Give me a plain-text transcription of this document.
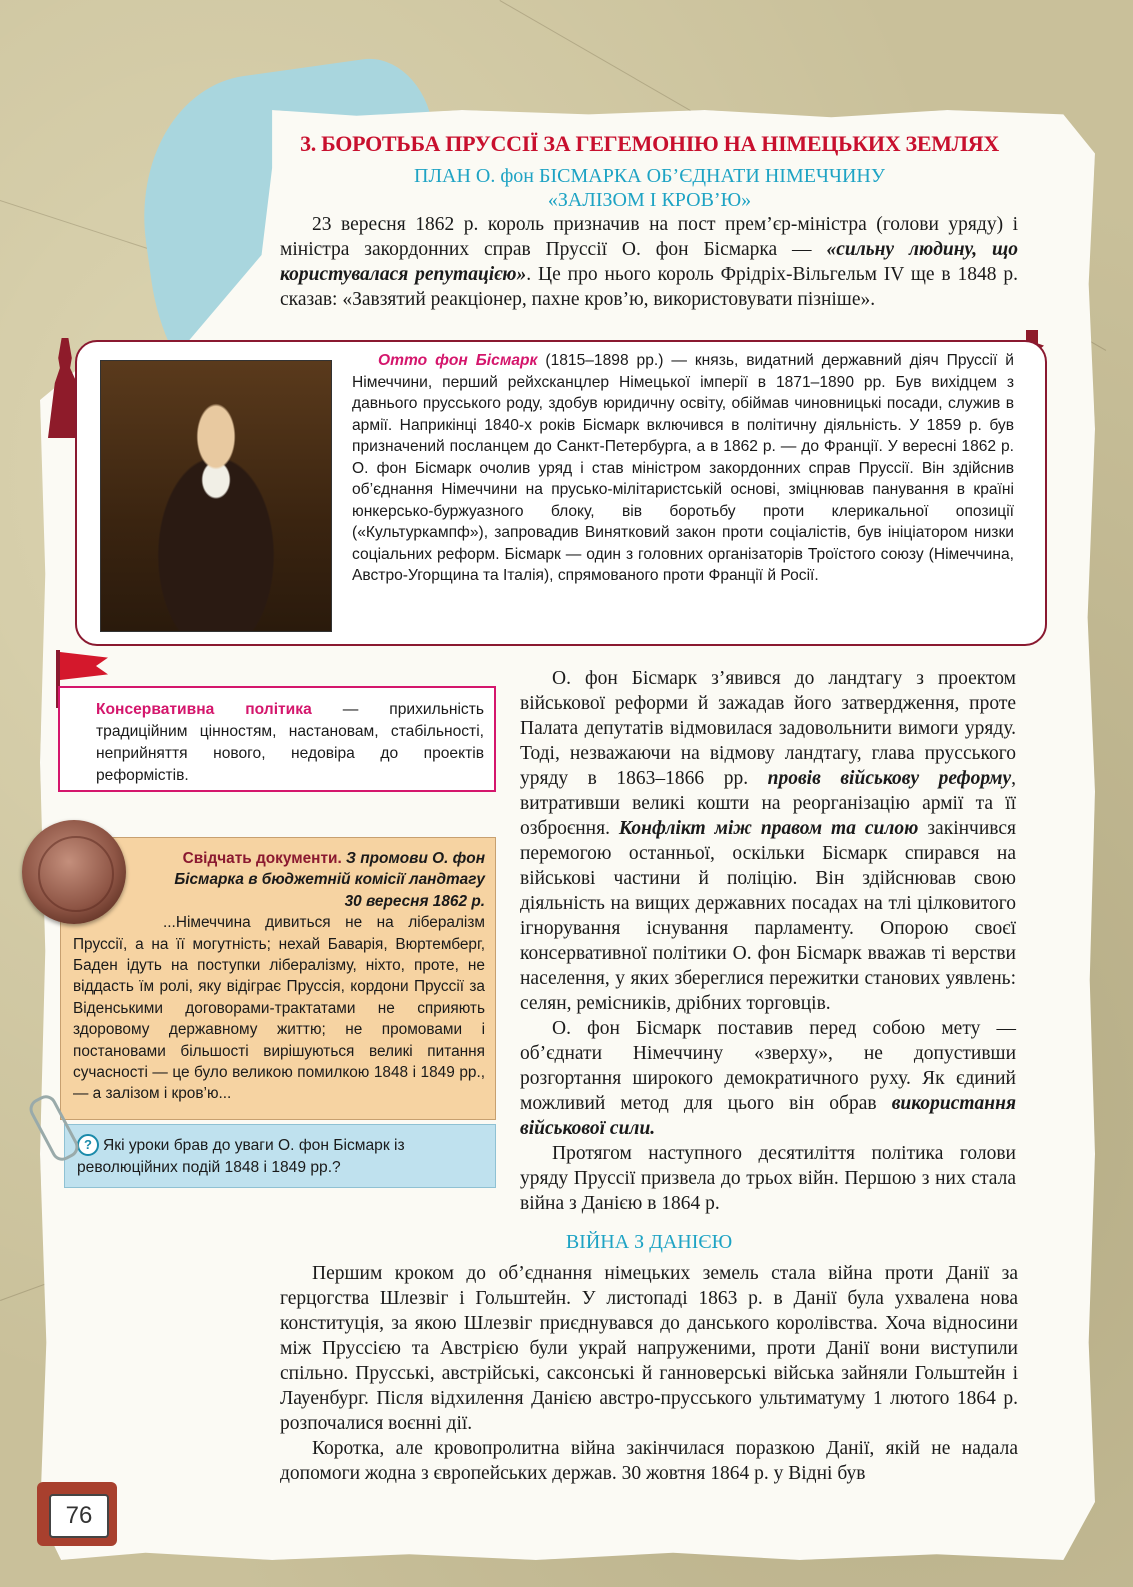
3. БОРОТЬБА ПРУССІЇ ЗА ГЕГЕМОНІЮ НА НІМЕЦЬКИХ ЗЕМЛЯХ
ПЛАН О. фон БІСМАРКА ОБ’ЄДНАТИ НІМЕЧЧИНУ
«ЗАЛІЗОМ І КРОВ’Ю»

23 вересня 1862 р. король призначив на пост прем’єр-міністра (голови уряду) і міністра закордонних справ Пруссії О. фон Бісмарка — «сильну людину, що користувалася репутацією». Це про нього король Фрідріх-Вільгельм IV ще в 1848 р. сказав: «Завзятий реакціонер, пахне кров’ю, використовувати пізніше».

Отто фон Бісмарк (1815–1898 рр.) — князь, видатний державний діяч Пруссії й Німеччини, перший рейхсканцлер Німецької імперії в 1871–1890 рр. Був вихідцем з давнього прусського роду, здобув юридичну освіту, обіймав чиновницькі посади, служив в армії. Наприкінці 1840-х років Бісмарк включився в політичну діяльність. У 1859 р. був призначений посланцем до Санкт-Петербурга, а в 1862 р. — до Франції. У вересні 1862 р. О. фон Бісмарк очолив уряд і став міністром закордонних справ Пруссії. Він здійснив об’єднання Німеччини на прусько-мілітаристській основі, зміцнював панування в країні юнкерсько-буржуазного блоку, вів боротьбу проти клерикальної опозиції («Культуркампф»), запровадив Винятковий закон проти соціалістів, був ініціатором низки соціальних реформ. Бісмарк — один з головних організаторів Троїстого союзу (Німеччина, Австро-Угорщина та Італія), спрямованого проти Франції й Росії.
Консервативна політика — прихильність традиційним цінностям, настановам, стабільності, неприйняття нового, недовіра до проектів реформістів.
Свідчать документи. З промови О. фон Бісмарка в бюджетній комісії ландтагу 30 вересня 1862 р.
...Німеччина дивиться не на лібералізм Пруссії, а на її могутність; нехай Баварія, Вюртемберг, Баден ідуть на поступки лібералізму, ніхто, проте, не віддасть їм ролі, яку відіграє Пруссія, кордони Пруссії за Віденськими договорами-трактатами не сприяють здоровому державному життю; не промовами і постановами більшості вирішуються великі питання сучасності — це було великою помилкою 1848 і 1849 рр., — а залізом і кров’ю...
? Які уроки брав до уваги О. фон Бісмарк із революційних подій 1848 і 1849 рр.?

О. фон Бісмарк з’явився до ландтагу з проектом військової реформи й зажадав його затвердження, проте Палата депутатів відмовилася задовольнити вимоги уряду. Тоді, незважаючи на відмову ландтагу, глава прусського уряду в 1863–1866 рр. провів військову реформу, витративши великі кошти на реорганізацію армії та її озброєння. Конфлікт між правом та силою закінчився перемогою останньої, оскільки Бісмарк спирався на військові частини й поліцію. Він здійснював свою діяльність на вищих державних посадах на тлі цілковитого ігнорування існування парламенту. Опорою своєї консервативної політики О. фон Бісмарк вважав ті верстви населення, у яких збереглися пережитки станових уявлень: селян, ремісників, дрібних торговців.

О. фон Бісмарк поставив перед собою мету — об’єднати Німеччину «зверху», не допустивши розгортання широкого демократичного руху. Як єдиний можливий метод для цього він обрав використання військової сили.

Протягом наступного десятиліття політика голови уряду Пруссії призвела до трьох війн. Першою з них стала війна з Данією в 1864 р.

ВІЙНА З ДАНІЄЮ

Першим кроком до об’єднання німецьких земель стала війна проти Данії за герцогства Шлезвіг і Гольштейн. У листопаді 1863 р. в Данії була ухвалена нова конституція, за якою Шлезвіг приєднувався до данського королівства. Хоча відносини між Пруссією та Австрією були украй напруженими, проти Данії вони виступили спільно. Прусські, австрійські, саксонські й ганноверські війська зайняли Гольштейн і Лауенбург. Після відхилення Данією австро-прусського ультиматуму 1 лютого 1864 р. розпочалися воєнні дії.

Коротка, але кровопролитна війна закінчилася поразкою Данії, якій не надала допомоги жодна з європейських держав. 30 жовтня 1864 р. у Відні був

76
